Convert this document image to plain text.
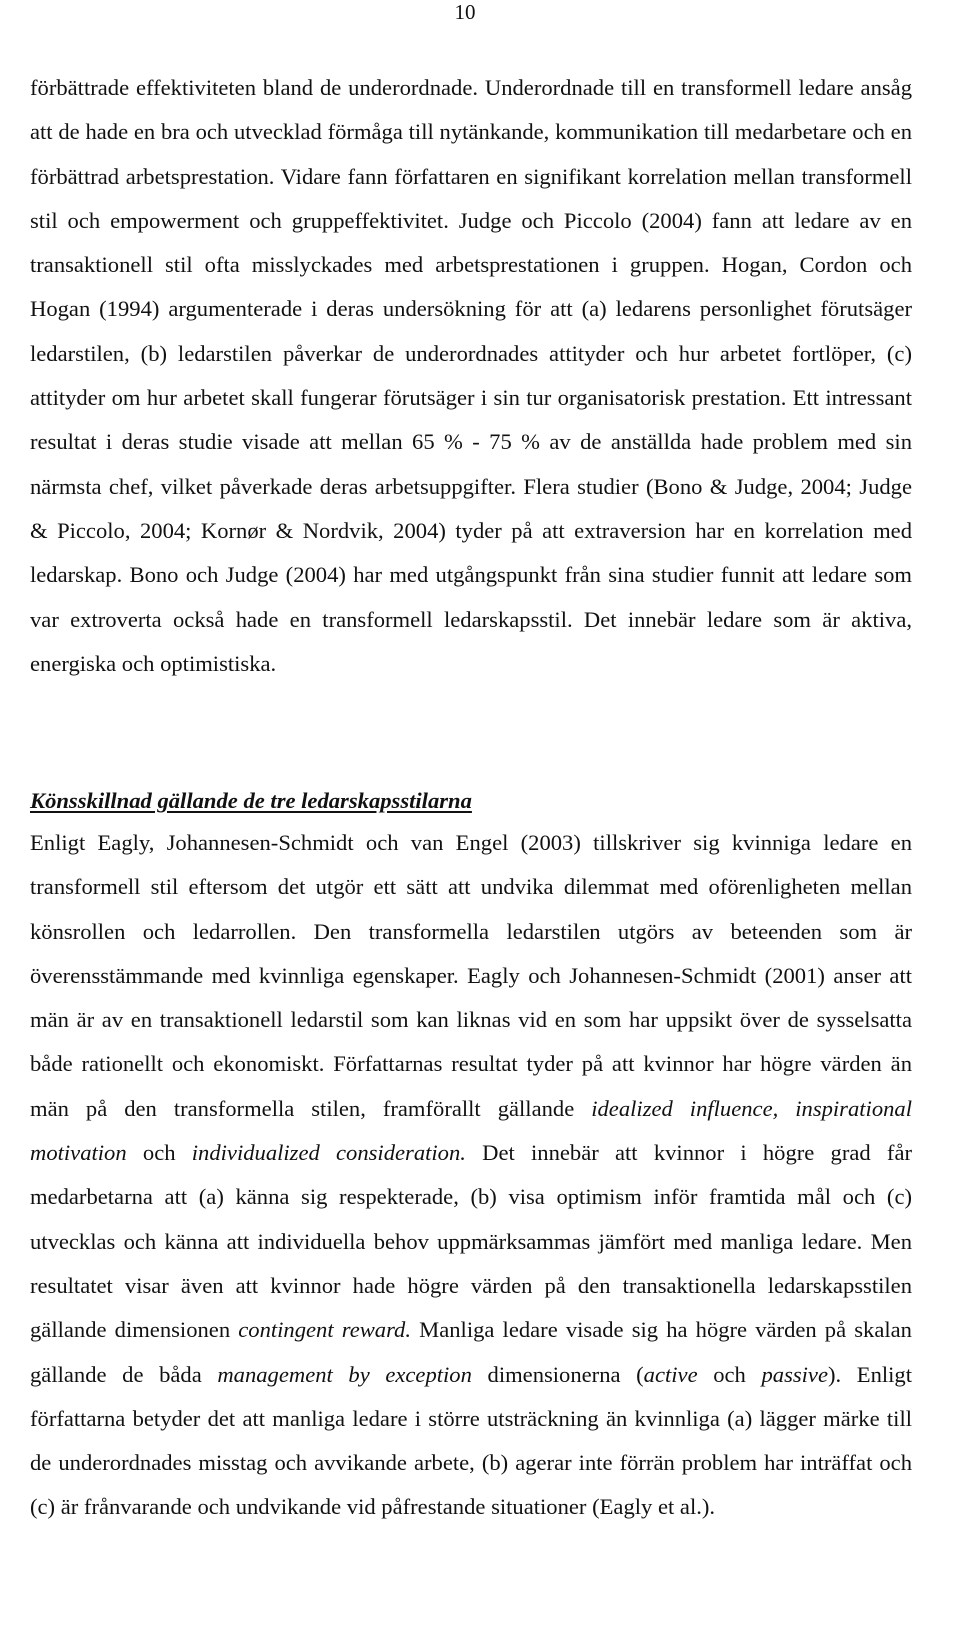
10

förbättrade effektiviteten bland de underordnade. Underordnade till en transformell ledare ansåg att de hade en bra och utvecklad förmåga till nytänkande, kommunikation till medarbetare och en förbättrad arbetsprestation. Vidare fann författaren en signifikant korrelation mellan transformell stil och empowerment och gruppeffektivitet. Judge och Piccolo (2004) fann att ledare av en transaktionell stil ofta misslyckades med arbetsprestationen i gruppen. Hogan, Cordon och Hogan (1994) argumenterade i deras undersökning för att (a) ledarens personlighet förutsäger ledarstilen, (b) ledarstilen påverkar de underordnades attityder och hur arbetet fortlöper, (c) attityder om hur arbetet skall fungerar förutsäger i sin tur organisatorisk prestation. Ett intressant resultat i deras studie visade att mellan 65 % - 75 % av de anställda hade problem med sin närmsta chef, vilket påverkade deras arbetsuppgifter. Flera studier (Bono & Judge, 2004; Judge & Piccolo, 2004; Kornør & Nordvik, 2004) tyder på att extraversion har en korrelation med ledarskap. Bono och Judge (2004) har med utgångspunkt från sina studier funnit att ledare som var extroverta också hade en transformell ledarskapsstil. Det innebär ledare som är aktiva, energiska och optimistiska.

Könsskillnad gällande de tre ledarskapsstilarna

Enligt Eagly, Johannesen-Schmidt och van Engel (2003) tillskriver sig kvinniga ledare en transformell stil eftersom det utgör ett sätt att undvika dilemmat med oförenligheten mellan könsrollen och ledarrollen. Den transformella ledarstilen utgörs av beteenden som är överensstämmande med kvinnliga egenskaper. Eagly och Johannesen-Schmidt (2001) anser att män är av en transaktionell ledarstil som kan liknas vid en som har uppsikt över de sysselsatta både rationellt och ekonomiskt. Författarnas resultat tyder på att kvinnor har högre värden än män på den transformella stilen, framförallt gällande idealized influence, inspirational motivation och individualized consideration. Det innebär att kvinnor i högre grad får medarbetarna att (a) känna sig respekterade, (b) visa optimism inför framtida mål och (c) utvecklas och känna att individuella behov uppmärksammas jämfört med manliga ledare. Men resultatet visar även att kvinnor hade högre värden på den transaktionella ledarskapsstilen gällande dimensionen contingent reward. Manliga ledare visade sig ha högre värden på skalan gällande de båda management by exception dimensionerna (active och passive). Enligt författarna betyder det att manliga ledare i större utsträckning än kvinnliga (a) lägger märke till de underordnades misstag och avvikande arbete, (b) agerar inte förrän problem har inträffat och (c) är frånvarande och undvikande vid påfrestande situationer (Eagly et al.).
